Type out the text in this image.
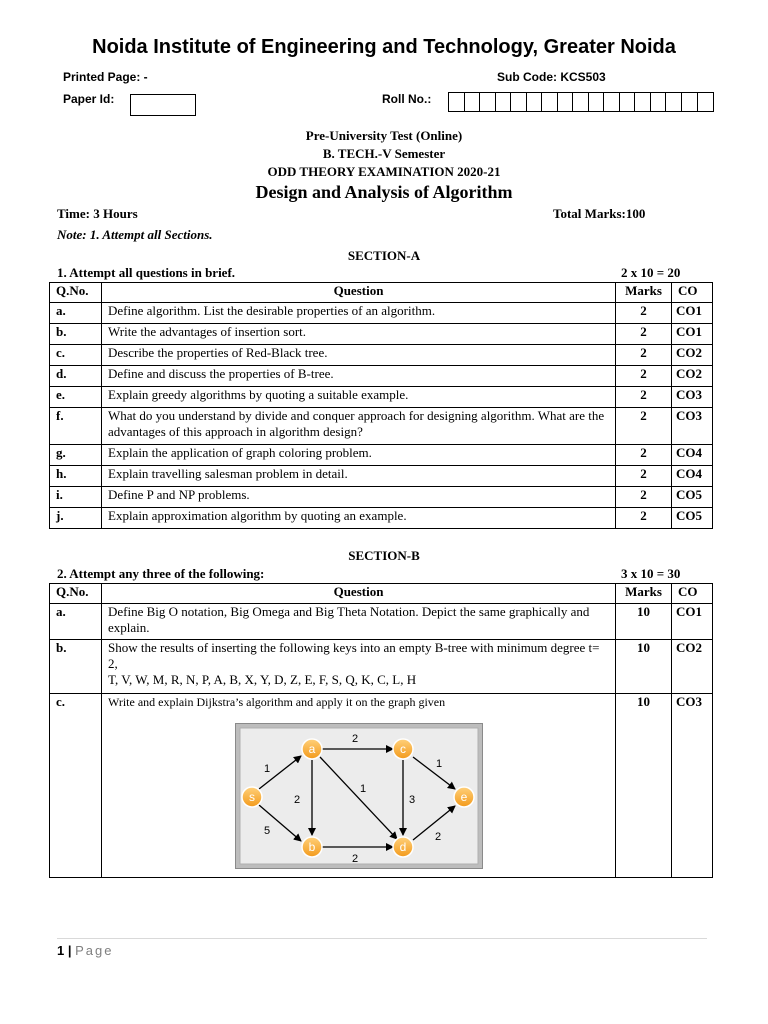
Noida Institute of Engineering and Technology, Greater Noida
Printed Page: -	Sub Code: KCS503
Paper Id:	Roll No.:
Pre-University Test (Online)
B. TECH.-V Semester
ODD THEORY EXAMINATION 2020-21
Design and Analysis of Algorithm
Time: 3 Hours	Total Marks:100
Note: 1. Attempt all Sections.
SECTION-A
1. Attempt all questions in brief.	2 x 10 = 20
Q.No.	Question	Marks	CO
a.	Define algorithm. List the desirable properties of an algorithm.	2	CO1
b.	Write the advantages of insertion sort.	2	CO1
c.	Describe the properties of Red-Black tree.	2	CO2
d.	Define and discuss the properties of B-tree.	2	CO2
e.	Explain greedy algorithms by quoting a suitable example.	2	CO3
f.	What do you understand by divide and conquer approach for designing algorithm. What are the advantages of this approach in algorithm design?	2	CO3
g.	Explain the application of graph coloring problem.	2	CO4
h.	Explain travelling salesman problem in detail.	2	CO4
i.	Define P and NP problems.	2	CO5
j.	Explain approximation algorithm by quoting an example.	2	CO5
SECTION-B
2. Attempt any three of the following:	3 x 10 = 30
Q.No.	Question	Marks	CO
a.	Define Big O notation, Big Omega and Big Theta Notation. Depict the same graphically and explain.	10	CO1
b.	Show the results of inserting the following keys into an empty B-tree with minimum degree t= 2,
T, V, W, M, R, N, P, A, B, X, Y, D, Z, E, F, S, Q, K, C, L, H	10	CO2
c.	Write and explain Dijkstra’s algorithm and apply it on the graph given	10	CO3
1
2
1
2
1
3
5
2
2
s
a	c
e
b	d
1 | Page
